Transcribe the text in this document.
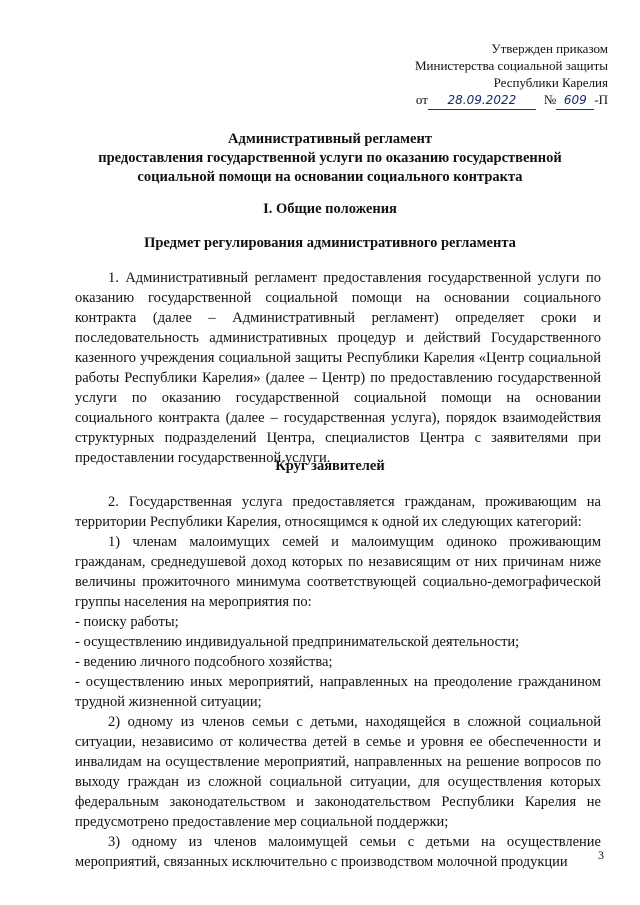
Утвержден приказом
Министерства социальной защиты
Республики Карелия
от	28.09.2022	№ 609 -П
Административный регламент
предоставления государственной услуги по оказанию государственной
социальной помощи на основании социального контракта
I. Общие положения
Предмет регулирования административного регламента

1. Административный регламент предоставления государственной услуги по оказанию государственной социальной помощи на основании социального контракта (далее – Административный регламент) определяет сроки и последовательность административных процедур и действий Государственного казенного учреждения социальной защиты Республики Карелия «Центр социальной работы Республики Карелия» (далее – Центр) по предоставлению государственной услуги по оказанию государственной социальной помощи на основании социального контракта (далее – государственная услуга), порядок взаимодействия структурных подразделений Центра, специалистов Центра с заявителями при предоставлении государственной услуги.

Круг заявителей

2. Государственная услуга предоставляется гражданам, проживающим на территории Республики Карелия, относящимся к одной их следующих категорий:

1) членам малоимущих семей и малоимущим одиноко проживающим гражданам, среднедушевой доход которых по независящим от них причинам ниже величины прожиточного минимума соответствующей социально-демографической группы населения на мероприятия по:

- поиску работы;

- осуществлению индивидуальной предпринимательской деятельности;

- ведению личного подсобного хозяйства;

- осуществлению иных мероприятий, направленных на преодоление гражданином трудной жизненной ситуации;

2) одному из членов семьи с детьми, находящейся в сложной социальной ситуации, независимо от количества детей в семье и уровня ее обеспеченности и инвалидам на осуществление мероприятий, направленных на решение вопросов по выходу граждан из сложной социальной ситуации, для осуществления которых федеральным законодательством и законодательством Республики Карелия не предусмотрено предоставление мер социальной поддержки;

3) одному из членов малоимущей семьи с детьми на осуществление мероприятий, связанных исключительно с производством молочной продукции	3
